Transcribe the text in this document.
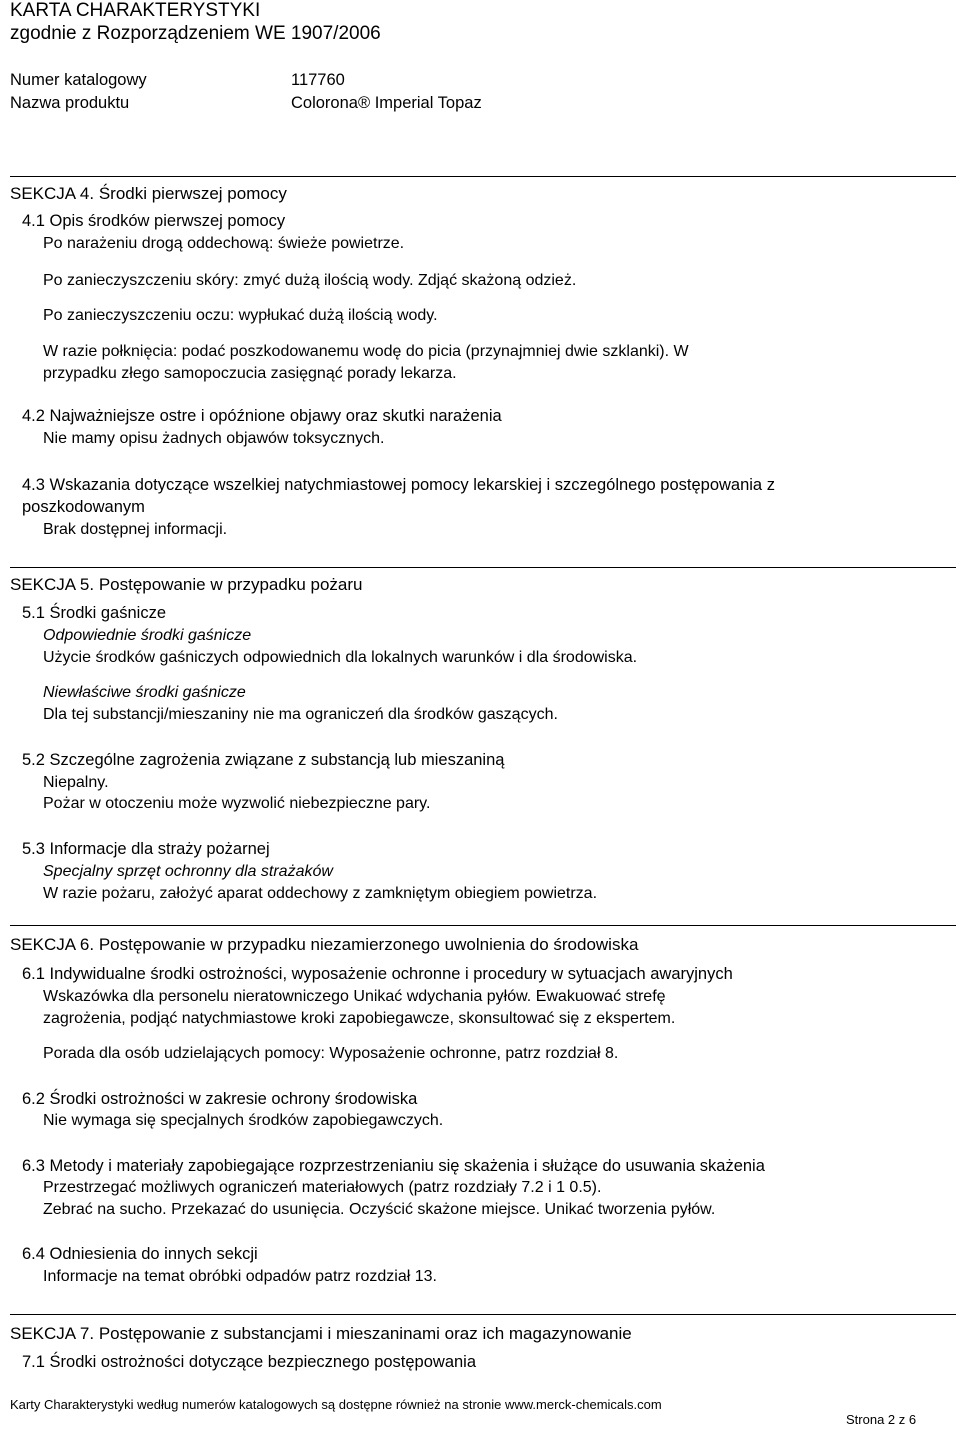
KARTA CHARAKTERYSTYKI
zgodnie z Rozporządzeniem WE 1907/2006
Numer katalogowy	117760
Nazwa produktu	Colorona® Imperial Topaz
SEKCJA 4. Środki pierwszej pomocy
4.1 Opis środków pierwszej pomocy
Po narażeniu drogą oddechową: świeże powietrze.
Po zanieczyszczeniu skóry: zmyć dużą ilością wody. Zdjąć skażoną odzież.
Po zanieczyszczeniu oczu: wypłukać dużą ilością wody.
W razie połknięcia: podać poszkodowanemu wodę do picia (przynajmniej dwie szklanki). W
przypadku złego samopoczucia zasięgnąć porady lekarza.
4.2 Najważniejsze ostre i opóźnione objawy oraz skutki narażenia
Nie mamy opisu żadnych objawów toksycznych.
4.3 Wskazania dotyczące wszelkiej natychmiastowej pomocy lekarskiej i szczególnego postępowania z
poszkodowanym
Brak dostępnej informacji.
SEKCJA 5. Postępowanie w przypadku pożaru
5.1 Środki gaśnicze
Odpowiednie środki gaśnicze
Użycie środków gaśniczych odpowiednich dla lokalnych warunków i dla środowiska.
Niewłaściwe środki gaśnicze
Dla tej substancji/mieszaniny nie ma ograniczeń dla środków gaszących.
5.2 Szczególne zagrożenia związane z substancją lub mieszaniną
Niepalny.
Pożar w otoczeniu może wyzwolić niebezpieczne pary.
5.3 Informacje dla straży pożarnej
Specjalny sprzęt ochronny dla strażaków
W razie pożaru, założyć aparat oddechowy z zamkniętym obiegiem powietrza.
SEKCJA 6. Postępowanie w przypadku niezamierzonego uwolnienia do środowiska
6.1 Indywidualne środki ostrożności, wyposażenie ochronne i procedury w sytuacjach awaryjnych
Wskazówka dla personelu nieratowniczego Unikać wdychania pyłów. Ewakuować strefę
zagrożenia, podjąć natychmiastowe kroki zapobiegawcze, skonsultować się z ekspertem.
Porada dla osób udzielających pomocy: Wyposażenie ochronne, patrz rozdział 8.
6.2 Środki ostrożności w zakresie ochrony środowiska
Nie wymaga się specjalnych środków zapobiegawczych.
6.3 Metody i materiały zapobiegające rozprzestrzenianiu się skażenia i służące do usuwania skażenia
Przestrzegać możliwych ograniczeń materiałowych (patrz rozdziały 7.2 i 1 0.5).
Zebrać na sucho. Przekazać do usunięcia. Oczyścić skażone miejsce. Unikać tworzenia pyłów.
6.4 Odniesienia do innych sekcji
Informacje na temat obróbki odpadów patrz rozdział 13.
SEKCJA 7. Postępowanie z substancjami i mieszaninami oraz ich magazynowanie
7.1 Środki ostrożności dotyczące bezpiecznego postępowania
Karty Charakterystyki według numerów katalogowych są dostępne również na stronie www.merck-chemicals.com
Strona 2 z 6
